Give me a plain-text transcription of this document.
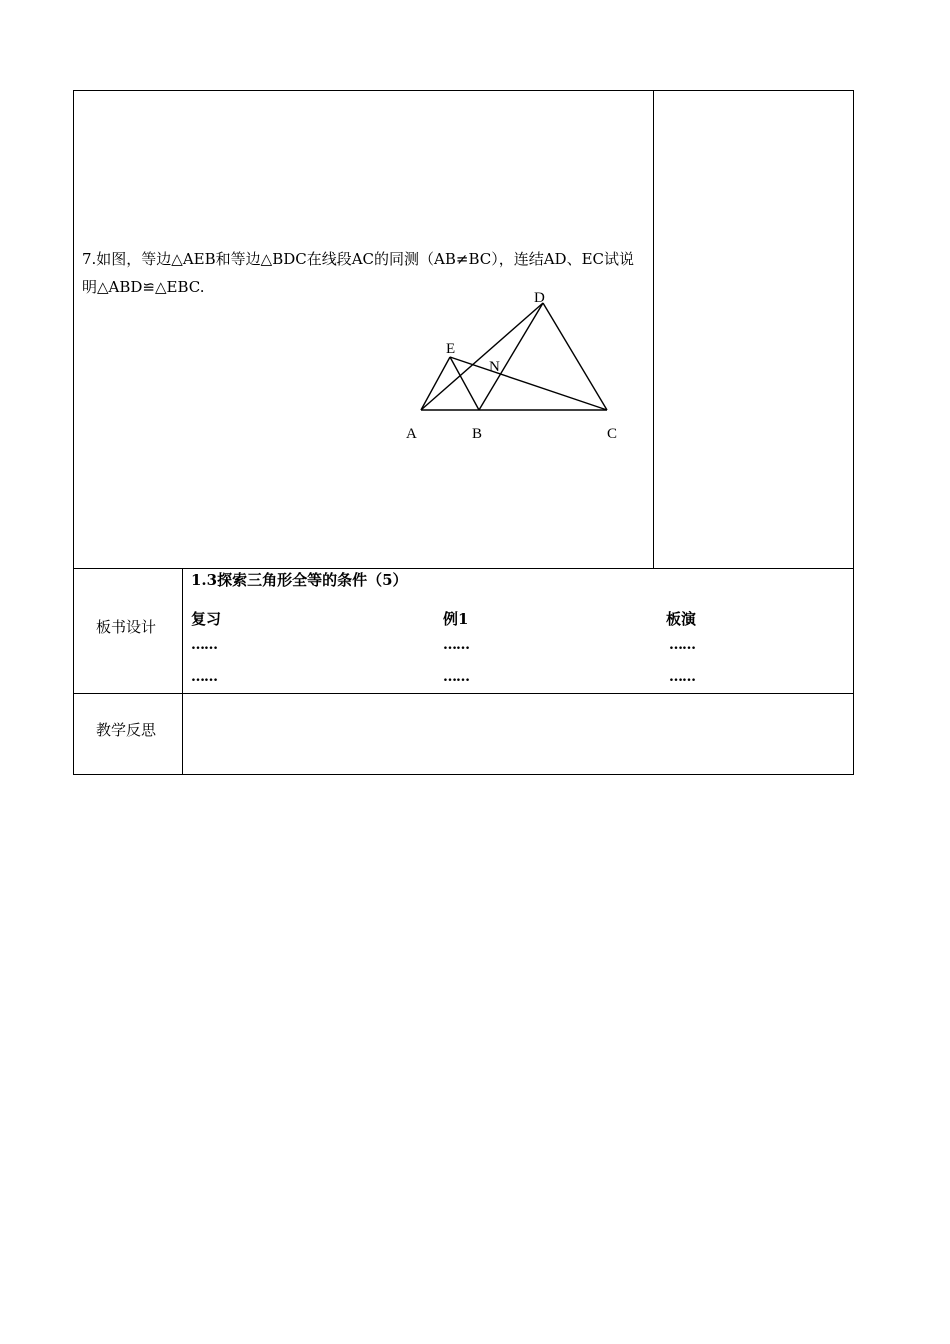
7.如图，等边△AEB和等边△BDC在线段AC的同测（AB≠BC），连结AD、EC试说
明△ABD≌△EBC.
D
E
N
A	B	C
板书设计
1.3探索三角形全等的条件（5）
复习
……
……
例1
……
……
板演
……
……
教学反思
